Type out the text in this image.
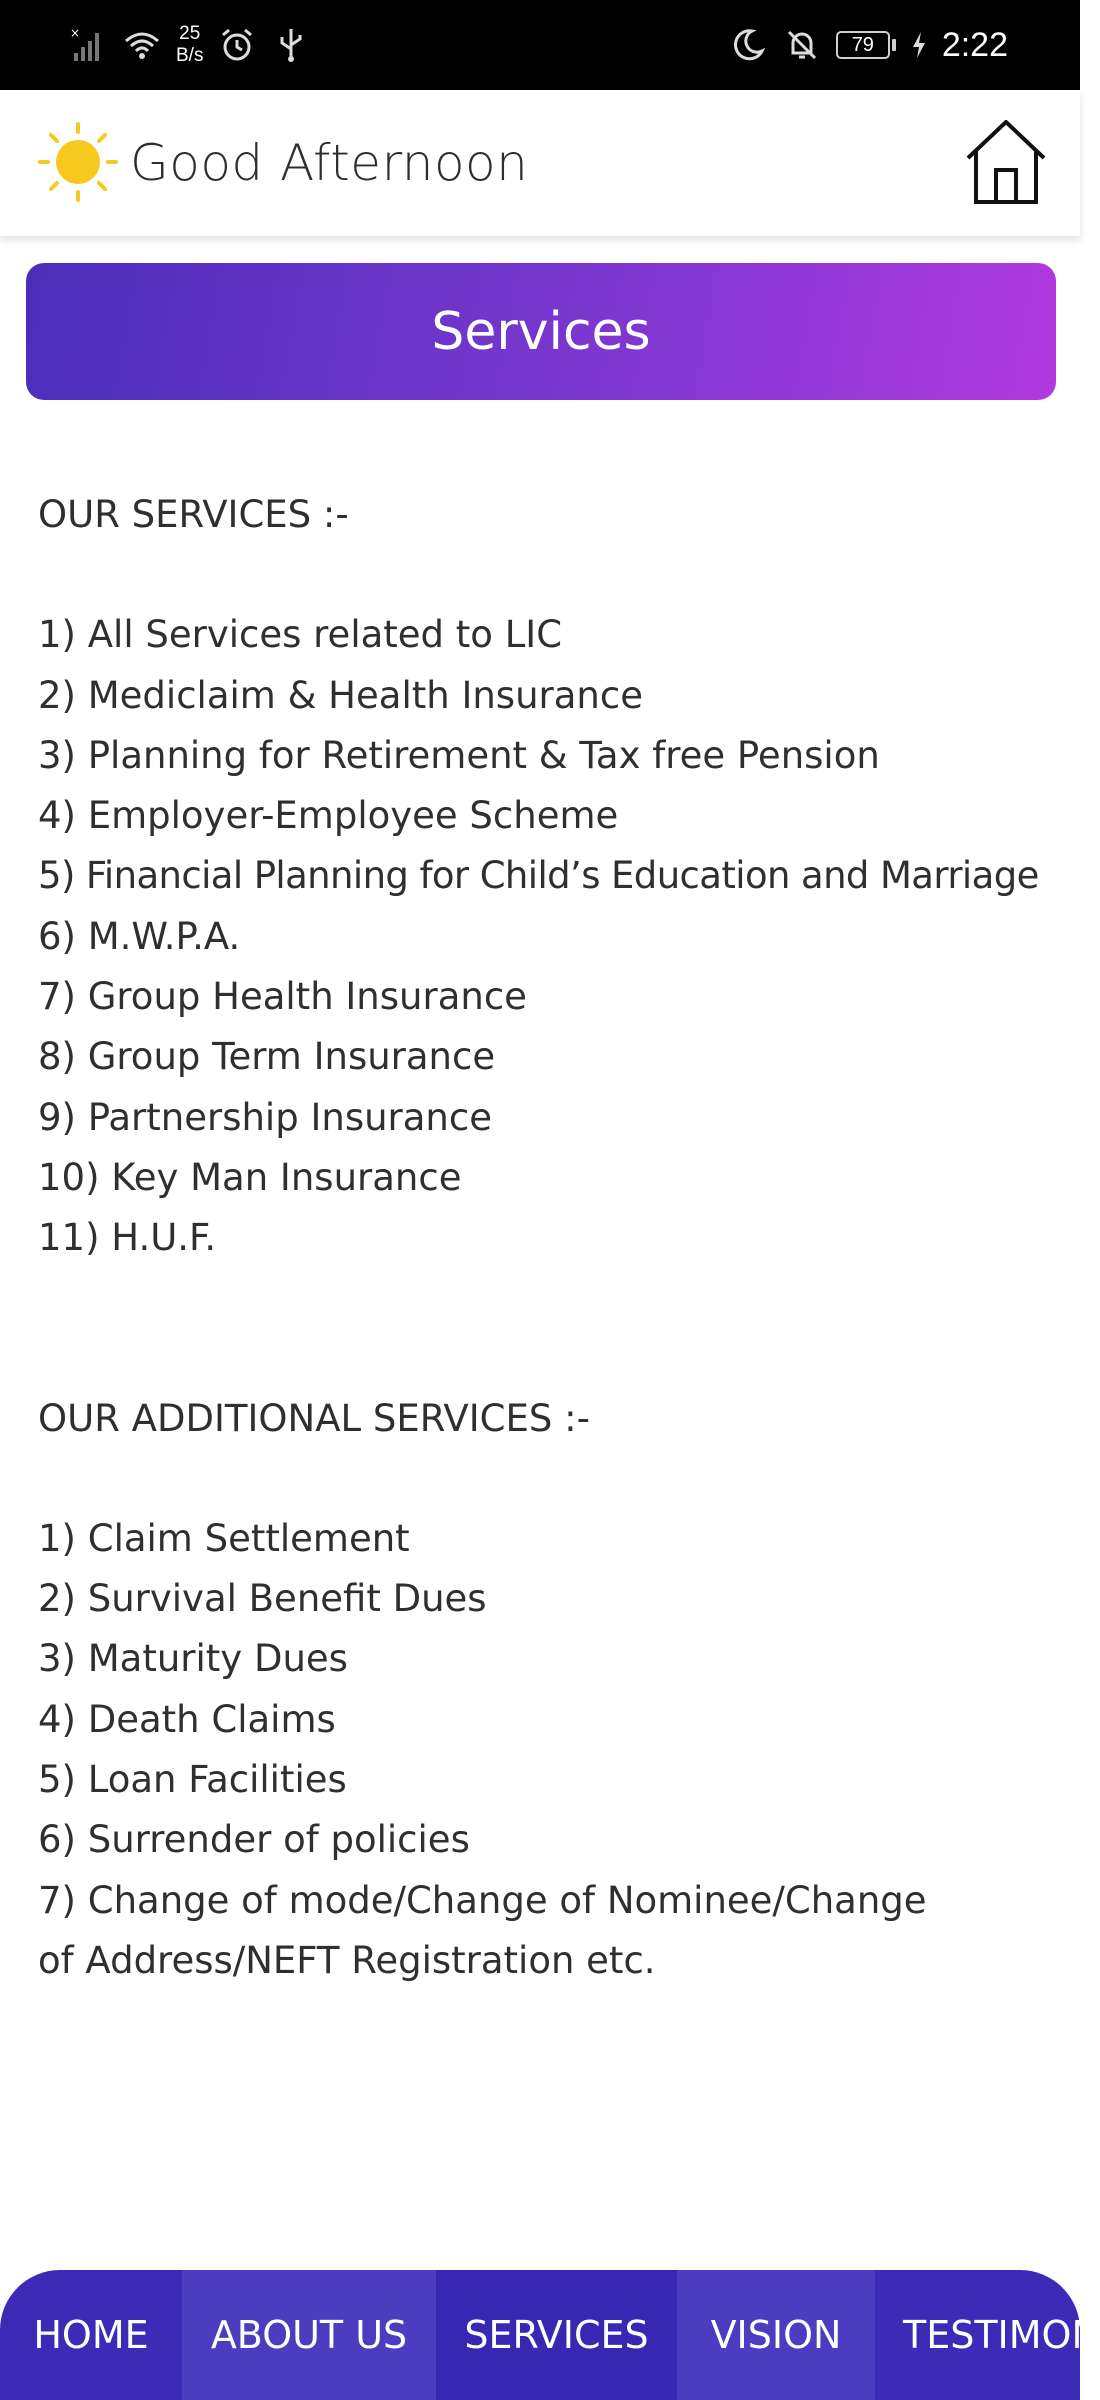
×	25
B/s	79	2:22
Good Afternoon
Services

OUR SERVICES :-

1) All Services related to LIC

2) Mediclaim & Health Insurance

3) Planning for Retirement & Tax free Pension

4) Employer-Employee Scheme

5) Financial Planning for Child’s Education and Marriage

6) M.W.P.A.

7) Group Health Insurance

8) Group Term Insurance

9) Partnership Insurance

10) Key Man Insurance

11) H.U.F.

OUR ADDITIONAL SERVICES :-

1) Claim Settlement

2) Survival Benefit Dues

3) Maturity Dues

4) Death Claims

5) Loan Facilities

6) Surrender of policies

7) Change of mode/Change of Nominee/Change of Address/NEFT Registration etc.

HOME	ABOUT US	SERVICES	VISION	TESTIMON
